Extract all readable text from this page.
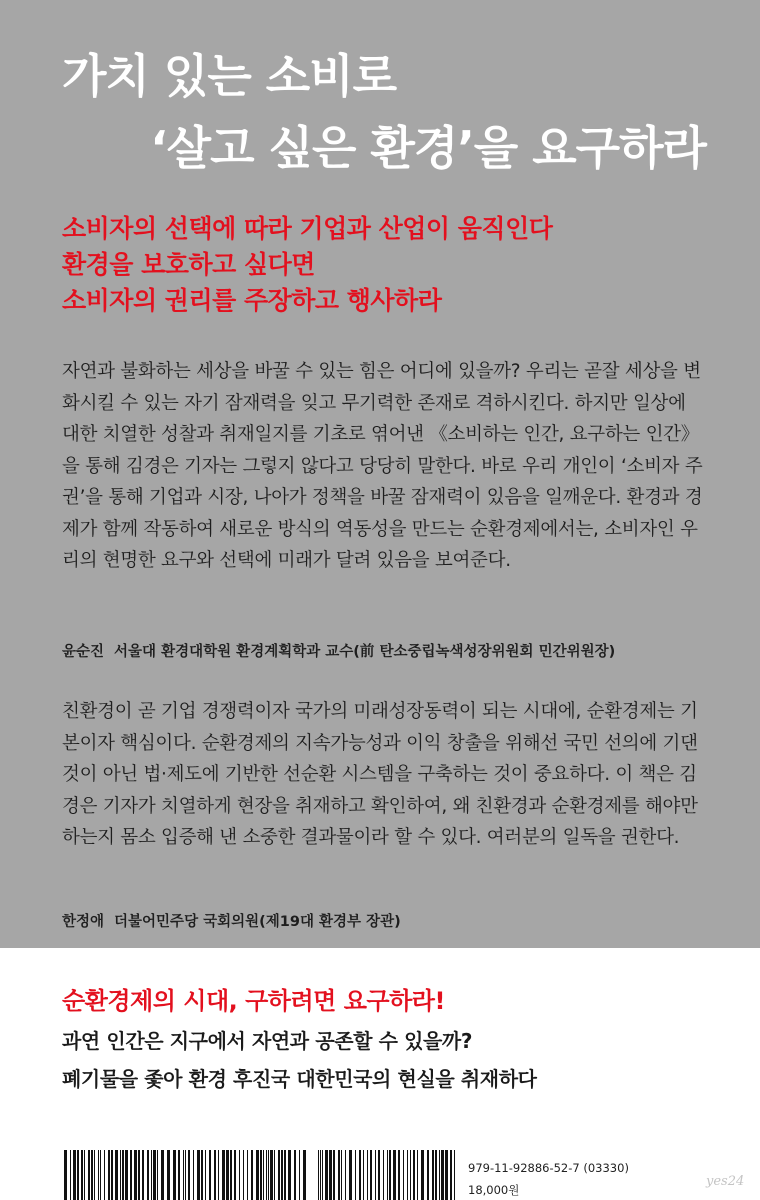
가치 있는 소비로
‘살고 싶은 환경’을 요구하라
소비자의 선택에 따라 기업과 산업이 움직인다
환경을 보호하고 싶다면
소비자의 권리를 주장하고 행사하라
자연과 불화하는 세상을 바꿀 수 있는 힘은 어디에 있을까? 우리는 곧잘 세상을 변화시킬 수 있는 자기 잠재력을 잊고 무기력한 존재로 격하시킨다. 하지만 일상에 대한 치열한 성찰과 취재일지를 기초로 엮어낸 《소비하는 인간, 요구하는 인간》을 통해 김경은 기자는 그렇지 않다고 당당히 말한다. 바로 우리 개인이 ‘소비자 주권’을 통해 기업과 시장, 나아가 정책을 바꿀 잠재력이 있음을 일깨운다. 환경과 경제가 함께 작동하여 새로운 방식의 역동성을 만드는 순환경제에서는, 소비자인 우리의 현명한 요구와 선택에 미래가 달려 있음을 보여준다.
윤순진 서울대 환경대학원 환경계획학과 교수(前 탄소중립녹색성장위원회 민간위원장)
친환경이 곧 기업 경쟁력이자 국가의 미래성장동력이 되는 시대에, 순환경제는 기본이자 핵심이다. 순환경제의 지속가능성과 이익 창출을 위해선 국민 선의에 기댄 것이 아닌 법·제도에 기반한 선순환 시스템을 구축하는 것이 중요하다. 이 책은 김경은 기자가 치열하게 현장을 취재하고 확인하여, 왜 친환경과 순환경제를 해야만 하는지 몸소 입증해 낸 소중한 결과물이라 할 수 있다. 여러분의 일독을 권한다.
한정애 더불어민주당 국회의원(제19대 환경부 장관)
순환경제의 시대, 구하려면 요구하라!
과연 인간은 지구에서 자연과 공존할 수 있을까?
폐기물을 좇아 환경 후진국 대한민국의 현실을 취재하다
979-11-92886-52-7 (03330)
18,000원
yes24
